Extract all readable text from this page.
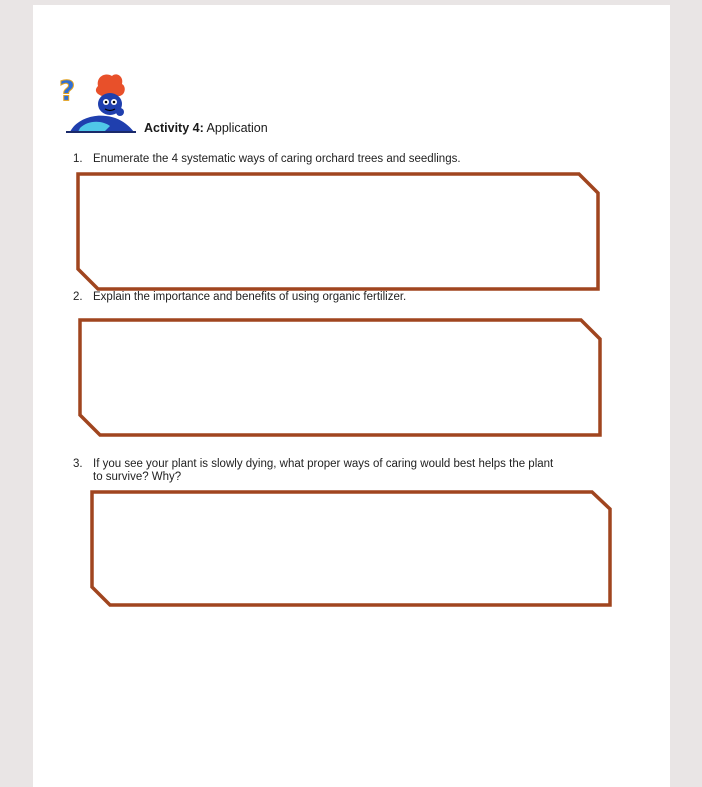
?
Activity 4: Application
1. Enumerate the 4 systematic ways of caring orchard trees and seedlings.
2. Explain the importance and benefits of using organic fertilizer.
3. If you see your plant is slowly dying, what proper ways of caring would best helps the plant
to survive? Why?
